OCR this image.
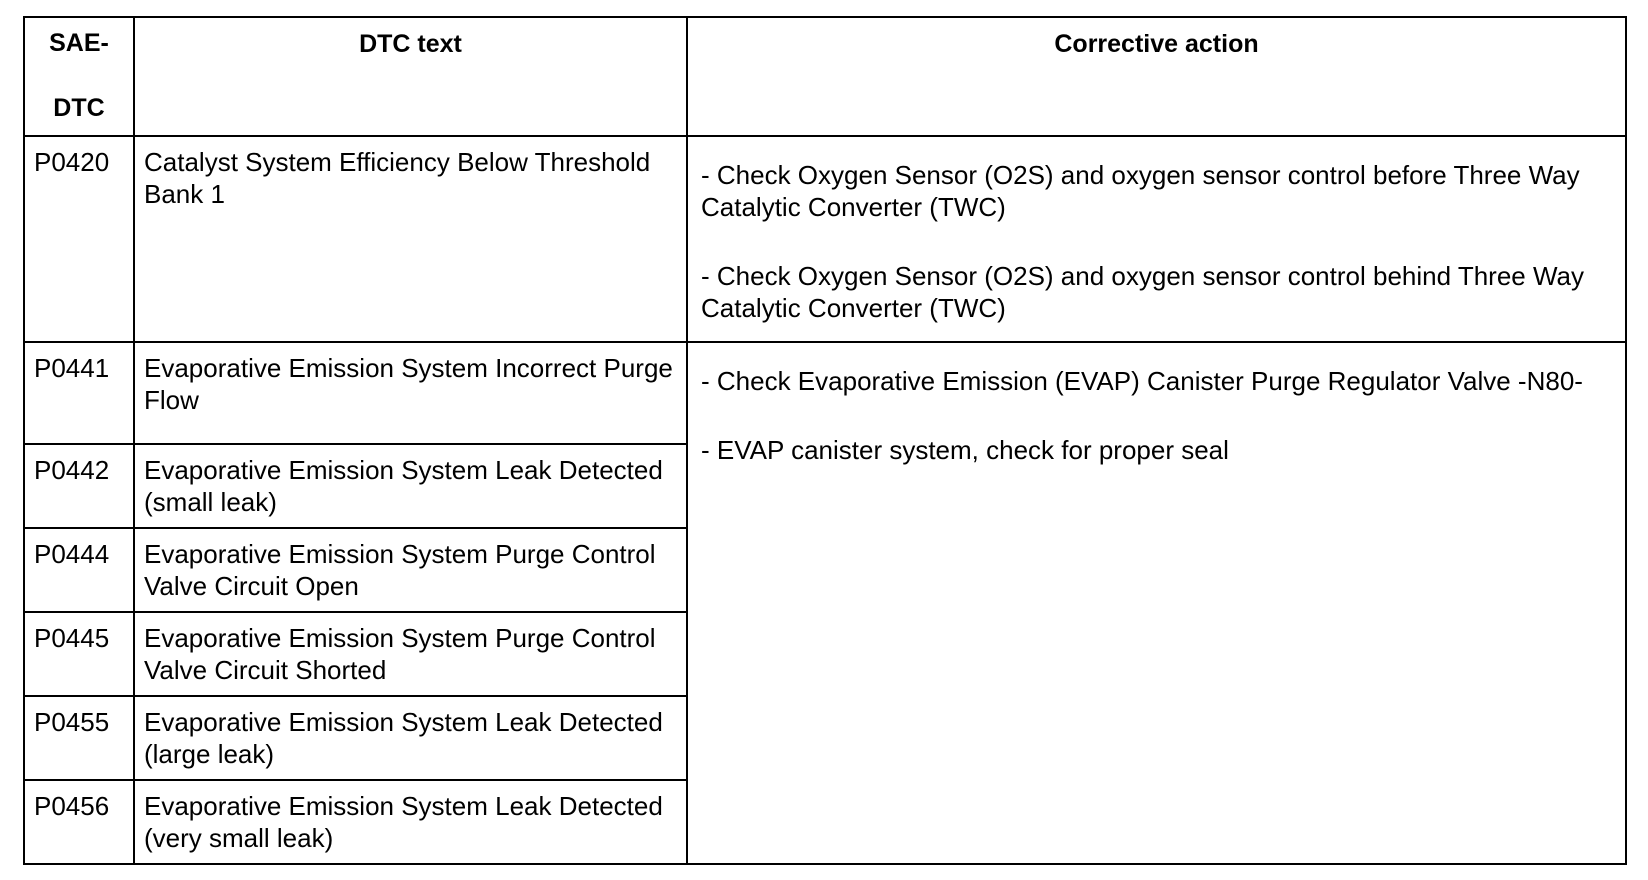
SAE-
DTC	DTC text	Corrective action
P0420	Catalyst System Efficiency Below Threshold Bank 1	- Check Oxygen Sensor (O2S) and oxygen sensor control before Three Way Catalytic Converter (TWC)

- Check Oxygen Sensor (O2S) and oxygen sensor control behind Three Way Catalytic Converter (TWC)

P0441	Evaporative Emission System Incorrect Purge Flow	- Check Evaporative Emission (EVAP) Canister Purge Regulator Valve -N80-

- EVAP canister system, check for proper seal

P0442	Evaporative Emission System Leak Detected (small leak)	
P0444	Evaporative Emission System Purge Control Valve Circuit Open	
P0445	Evaporative Emission System Purge Control Valve Circuit Shorted	
P0455	Evaporative Emission System Leak Detected (large leak)	
P0456	Evaporative Emission System Leak Detected (very small leak)	
